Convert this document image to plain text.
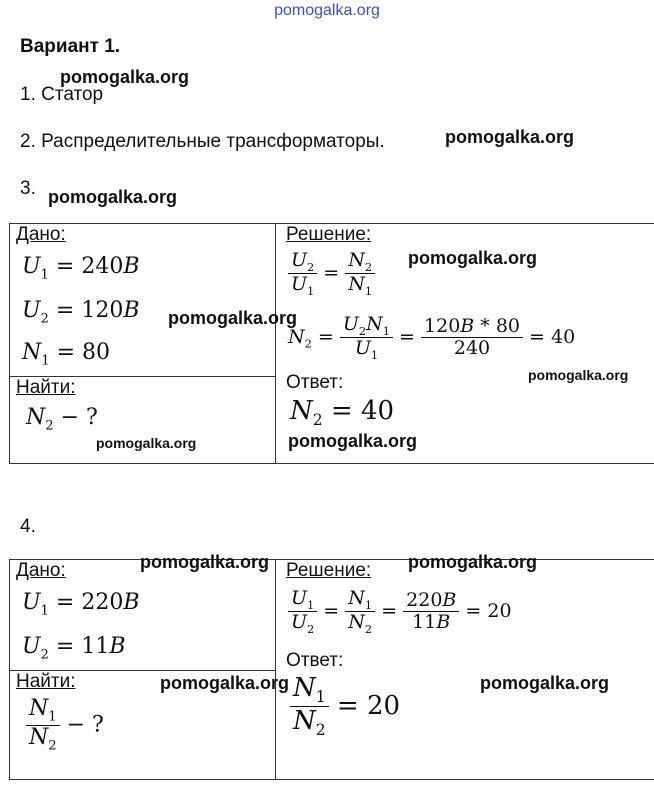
pomogalka.org
Вариант 1.
1. Статор
2. Распределительные трансформаторы.
3.
4.
pomogalka.org
pomogalka.org
pomogalka.org
Дано:
$U_1 = 240B$
$U_2 = 120B$
$N_1 = 80$

Решение:
$\frac{U_2}{U_1} = \frac{N_2}{N_1}$
$N_2 = \frac{U_2N_1}{U_1} = \frac{120B * 80}{240} = 40$
Ответ:
$N_2 = 40$

Найти:
$N_2$ − ?
pomogalka.org
pomogalka.org
pomogalka.org
pomogalka.org	pomogalka.org
Дано:
$U_1 = 220B$
$U_2 = 11B$

Решение:
$\frac{U_1}{U_2} = \frac{N_1}{N_2} = \frac{220B}{11B} = 20$
Ответ:
$\frac{N_1}{N_2} = 20$

Найти:
$\frac{N_1}{N_2}$ − ?
pomogalka.org	pomogalka.org
pomogalka.org	pomogalka.org
